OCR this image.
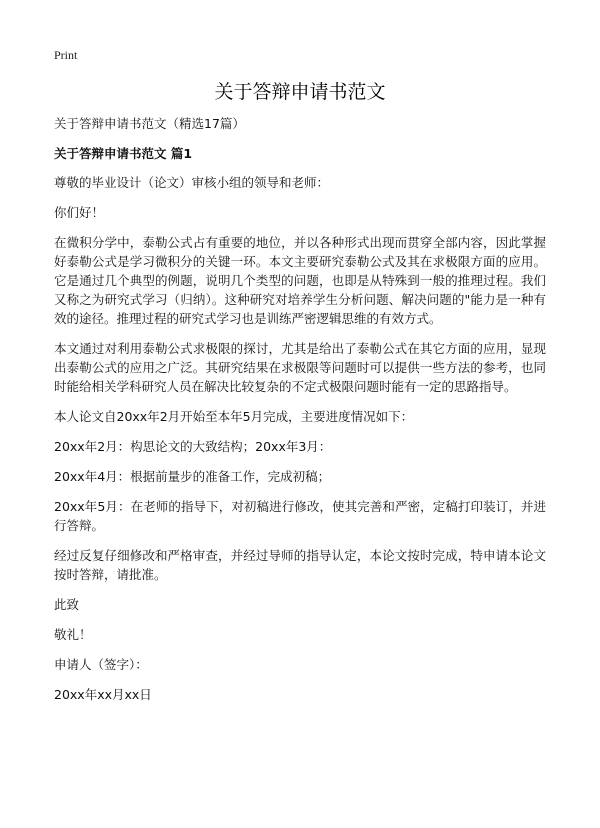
Print
关于答辩申请书范文
关于答辩申请书范文（精选17篇）
关于答辩申请书范文 篇1

尊敬的毕业设计（论文）审核小组的领导和老师：

你们好！

在微积分学中，泰勒公式占有重要的地位，并以各种形式出现而贯穿全部内容，因此掌握好泰勒公式是学习微积分的关键一环。本文主要研究泰勒公式及其在求极限方面的应用。它是通过几个典型的例题，说明几个类型的问题，也即是从特殊到一般的推理过程。我们又称之为研究式学习（归纳）。这种研究对培养学生分析问题、解决问题的"能力是一种有效的途径。推理过程的研究式学习也是训练严密逻辑思维的有效方式。

本文通过对利用泰勒公式求极限的探讨，尤其是给出了泰勒公式在其它方面的应用，显现出泰勒公式的应用之广泛。其研究结果在求极限等问题时可以提供一些方法的参考，也同时能给相关学科研究人员在解决比较复杂的不定式极限问题时能有一定的思路指导。

本人论文自20xx年2月开始至本年5月完成，主要进度情况如下：

20xx年2月：构思论文的大致结构；20xx年3月：

20xx年4月：根据前量步的准备工作，完成初稿；

20xx年5月：在老师的指导下，对初稿进行修改，使其完善和严密，定稿打印装订，并进行答辩。

经过反复仔细修改和严格审查，并经过导师的指导认定，本论文按时完成，特申请本论文按时答辩，请批准。

此致

敬礼！

申请人（签字）：

20xx年xx月xx日
